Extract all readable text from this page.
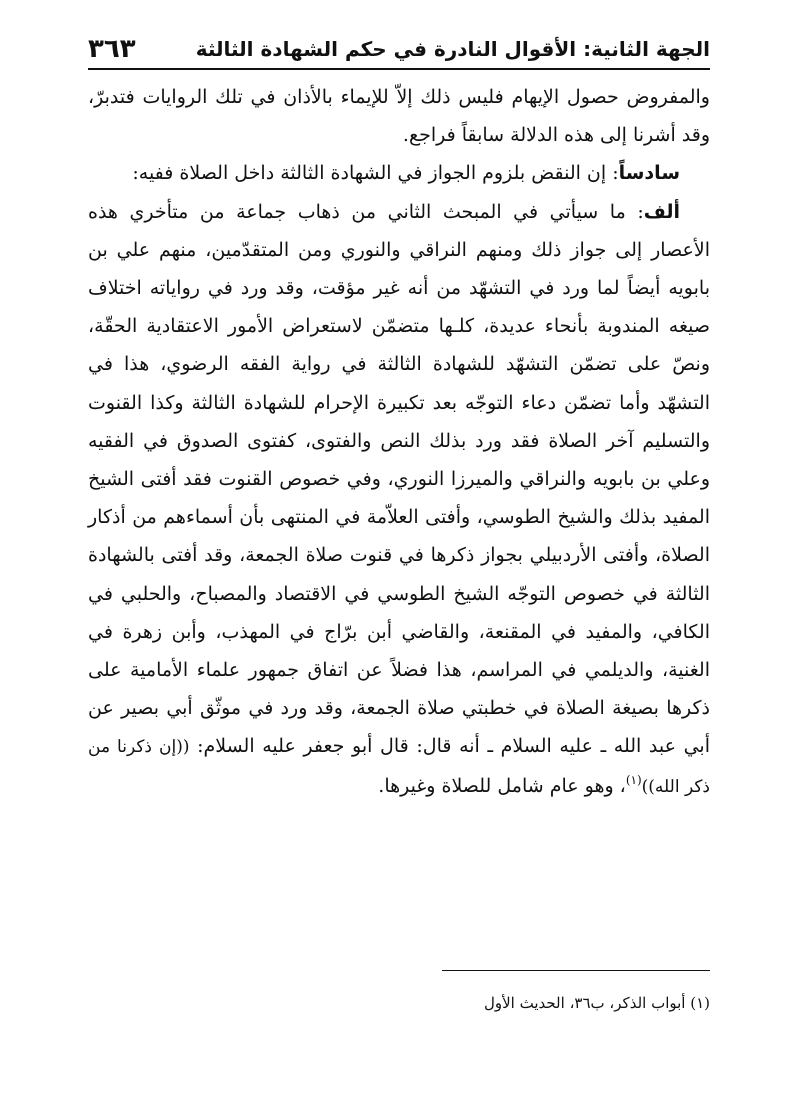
الجهة الثانية: الأقوال النادرة في حكم الشهادة الثالثة
٣٦٣

والمفروض حصول الإيهام فليس ذلك إلاّ للإيماء بالأذان في تلك الروايات فتدبرّ، وقد أشرنا إلى هذه الدلالة سابقاً فراجع.

سادساً: إن النقض بلزوم الجواز في الشهادة الثالثة داخل الصلاة ففيه:

ألف: ما سيأتي في المبحث الثاني من ذهاب جماعة من متأخري هذه الأعصار إلى جواز ذلك ومنهم النراقي والنوري ومن المتقدّمين، منهم علي بن بابويه أيضاً لما ورد في التشهّد من أنه غير مؤقت، وقد ورد في رواياته اختلاف صيغه المندوبة بأنحاء عديدة، كلـها متضمّن لاستعراض الأمور الاعتقادية الحقّة، ونصّ على تضمّن التشهّد للشهادة الثالثة في رواية الفقه الرضوي، هذا في التشهّد وأما تضمّن دعاء التوجّه بعد تكبيرة الإحرام للشهادة الثالثة وكذا القنوت والتسليم آخر الصلاة فقد ورد بذلك النص والفتوى، كفتوى الصدوق في الفقيه وعلي بن بابويه والنراقي والميرزا النوري، وفي خصوص القنوت فقد أفتى الشيخ المفيد بذلك والشيخ الطوسي، وأفتى العلاّمة في المنتهى بأن أسماءهم من أذكار الصلاة، وأفتى الأردبيلي بجواز ذكرها في قنوت صلاة الجمعة، وقد أفتى بالشهادة الثالثة في خصوص التوجّه الشيخ الطوسي في الاقتصاد والمصباح، والحلبي في الكافي، والمفيد في المقنعة، والقاضي أبن برّاج في المهذب، وأبن زهرة في الغنية، والديلمي في المراسم، هذا فضلاً عن اتفاق جمهور علماء الأمامية على ذكرها بصيغة الصلاة في خطبتي صلاة الجمعة، وقد ورد في موثّق أبي بصير عن أبي عبد الله ـ عليه السلام ـ أنه قال: قال أبو جعفر عليه السلام: ((إن ذكرنا من ذكر الله))$^{(١)}$، وهو عام شامل للصلاة وغيرها.

(١) أبواب الذكر، ب٣٦، الحديث الأول
